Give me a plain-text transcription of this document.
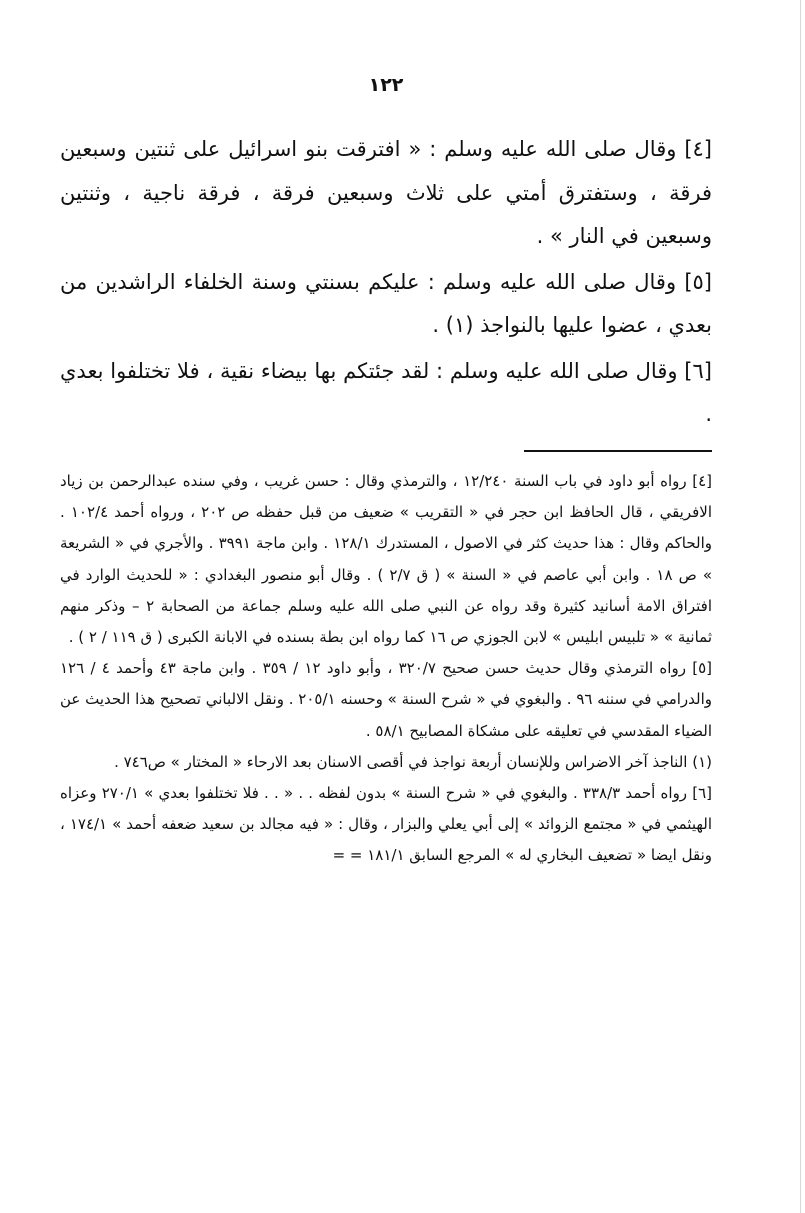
١٢٢

[٤] وقال صلى الله عليه وسلم : « افترقت بنو اسرائيل على ثنتين وسبعين فرقة ، وستفترق أمتي على ثلاث وسبعين فرقة ، فرقة ناجية ، وثنتين وسبعين في النار » .

[٥] وقال صلى الله عليه وسلم : عليكم بسنتي وسنة الخلفاء الراشدين من بعدي ، عضوا عليها بالنواجذ (١) .

[٦] وقال صلى الله عليه وسلم : لقد جئتكم بها بيضاء نقية ، فلا تختلفوا بعدي .

[٤] رواه أبو داود في باب السنة ١٢/٢٤٠ ، والترمذي وقال : حسن غريب ، وفي سنده عبدالرحمن بن زياد الافريقي ، قال الحافظ ابن حجر في « التقريب » ضعيف من قبل حفظه ص ٢٠٢ ، ورواه أحمد ١٠٢/٤ . والحاكم وقال : هذا حديث كثر في الاصول ، المستدرك ١٢٨/١ . وابن ماجة ٣٩٩١ . والأجري في « الشريعة » ص ١٨ . وابن أبي عاصم في « السنة » ( ق ٢/٧ ) . وقال أبو منصور البغدادي : « للحديث الوارد في افتراق الامة أسانيد كثيرة وقد رواه عن النبي صلى الله عليه وسلم جماعة من الصحابة ٢ – وذكر منهم ثمانية » « تلبيس ابليس » لابن الجوزي ص ١٦ كما رواه ابن بطة بسنده في الابانة الكبرى ( ق ١١٩ / ٢ ) .

[٥] رواه الترمذي وقال حديث حسن صحيح ٣٢٠/٧ ، وأبو داود ١٢ / ٣٥٩ . وابن ماجة ٤٣ وأحمد ٤ / ١٢٦ والدرامي في سننه ٩٦ . والبغوي في « شرح السنة » وحسنه ٢٠٥/١ . ونقل الالباني تصحيح هذا الحديث عن الضياء المقدسي في تعليقه على مشكاة المصابيح ٥٨/١ .

(١) الناجذ آخر الاضراس وللإنسان أربعة نواجذ في أقصى الاسنان بعد الارحاء « المختار » ص٧٤٦ .

[٦] رواه أحمد ٣٣٨/٣ . والبغوي في « شرح السنة » بدون لفظه . . « . . فلا تختلفوا بعدي » ٢٧٠/١ وعزاه الهيثمي في « مجتمع الزوائد » إلى أبي يعلي والبزار ، وقال : « فيه مجالد بن سعيد ضعفه أحمد » ١٧٤/١ ، ونقل ايضا « تضعيف البخاري له » المرجع السابق ١٨١/١ = =
